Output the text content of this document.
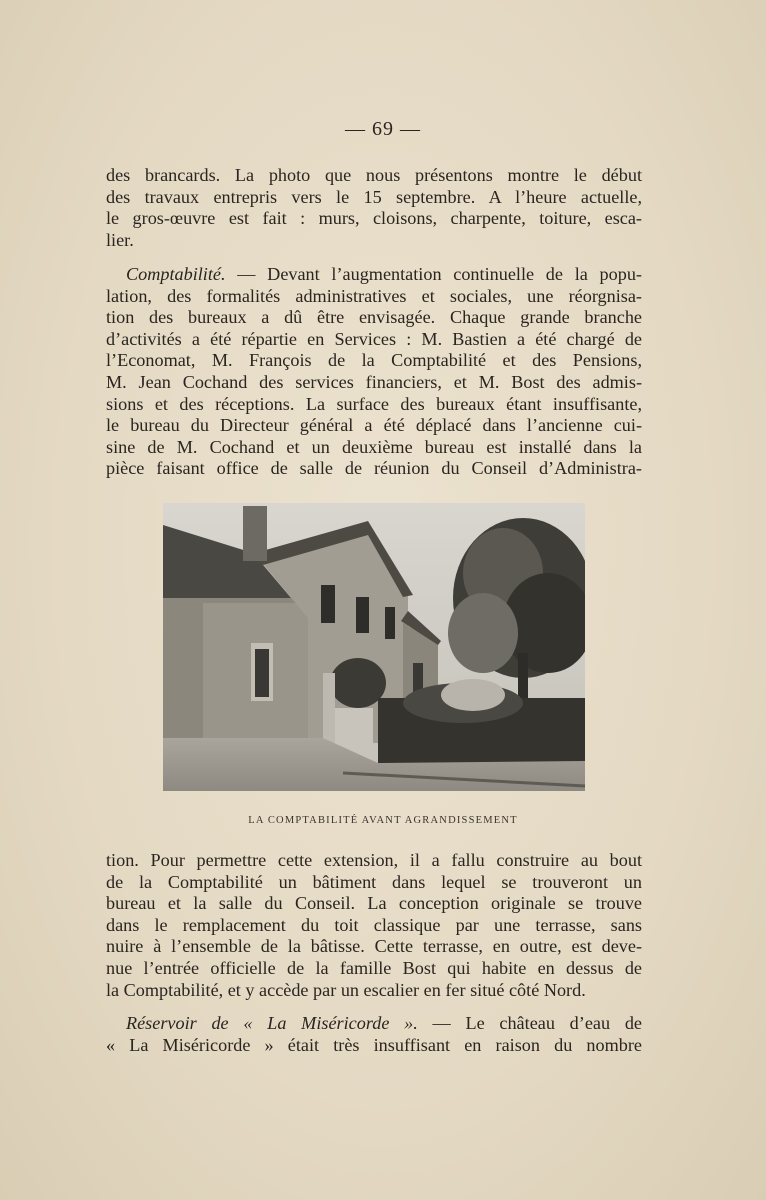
— 69 —
des brancards. La photo que nous présentons montre le début
des travaux entrepris vers le 15 septembre. A l’heure actuelle,
le gros-œuvre est fait : murs, cloisons, charpente, toiture, esca-
lier.
Comptabilité. — Devant l’augmentation continuelle de la popu-
lation, des formalités administratives et sociales, une réorgnisa-
tion des bureaux a dû être envisagée. Chaque grande branche
d’activités a été répartie en Services : M. Bastien a été chargé de
l’Economat, M. François de la Comptabilité et des Pensions,
M. Jean Cochand des services financiers, et M. Bost des admis-
sions et des réceptions. La surface des bureaux étant insuffisante,
le bureau du Directeur général a été déplacé dans l’ancienne cui-
sine de M. Cochand et un deuxième bureau est installé dans la
pièce faisant office de salle de réunion du Conseil d’Administra-
LA COMPTABILITÉ AVANT AGRANDISSEMENT
tion. Pour permettre cette extension, il a fallu construire au bout
de la Comptabilité un bâtiment dans lequel se trouveront un
bureau et la salle du Conseil. La conception originale se trouve
dans le remplacement du toit classique par une terrasse, sans
nuire à l’ensemble de la bâtisse. Cette terrasse, en outre, est deve-
nue l’entrée officielle de la famille Bost qui habite en dessus de
la Comptabilité, et y accède par un escalier en fer situé côté Nord.
Réservoir de « La Miséricorde ». — Le château d’eau de
« La Miséricorde » était très insuffisant en raison du nombre
